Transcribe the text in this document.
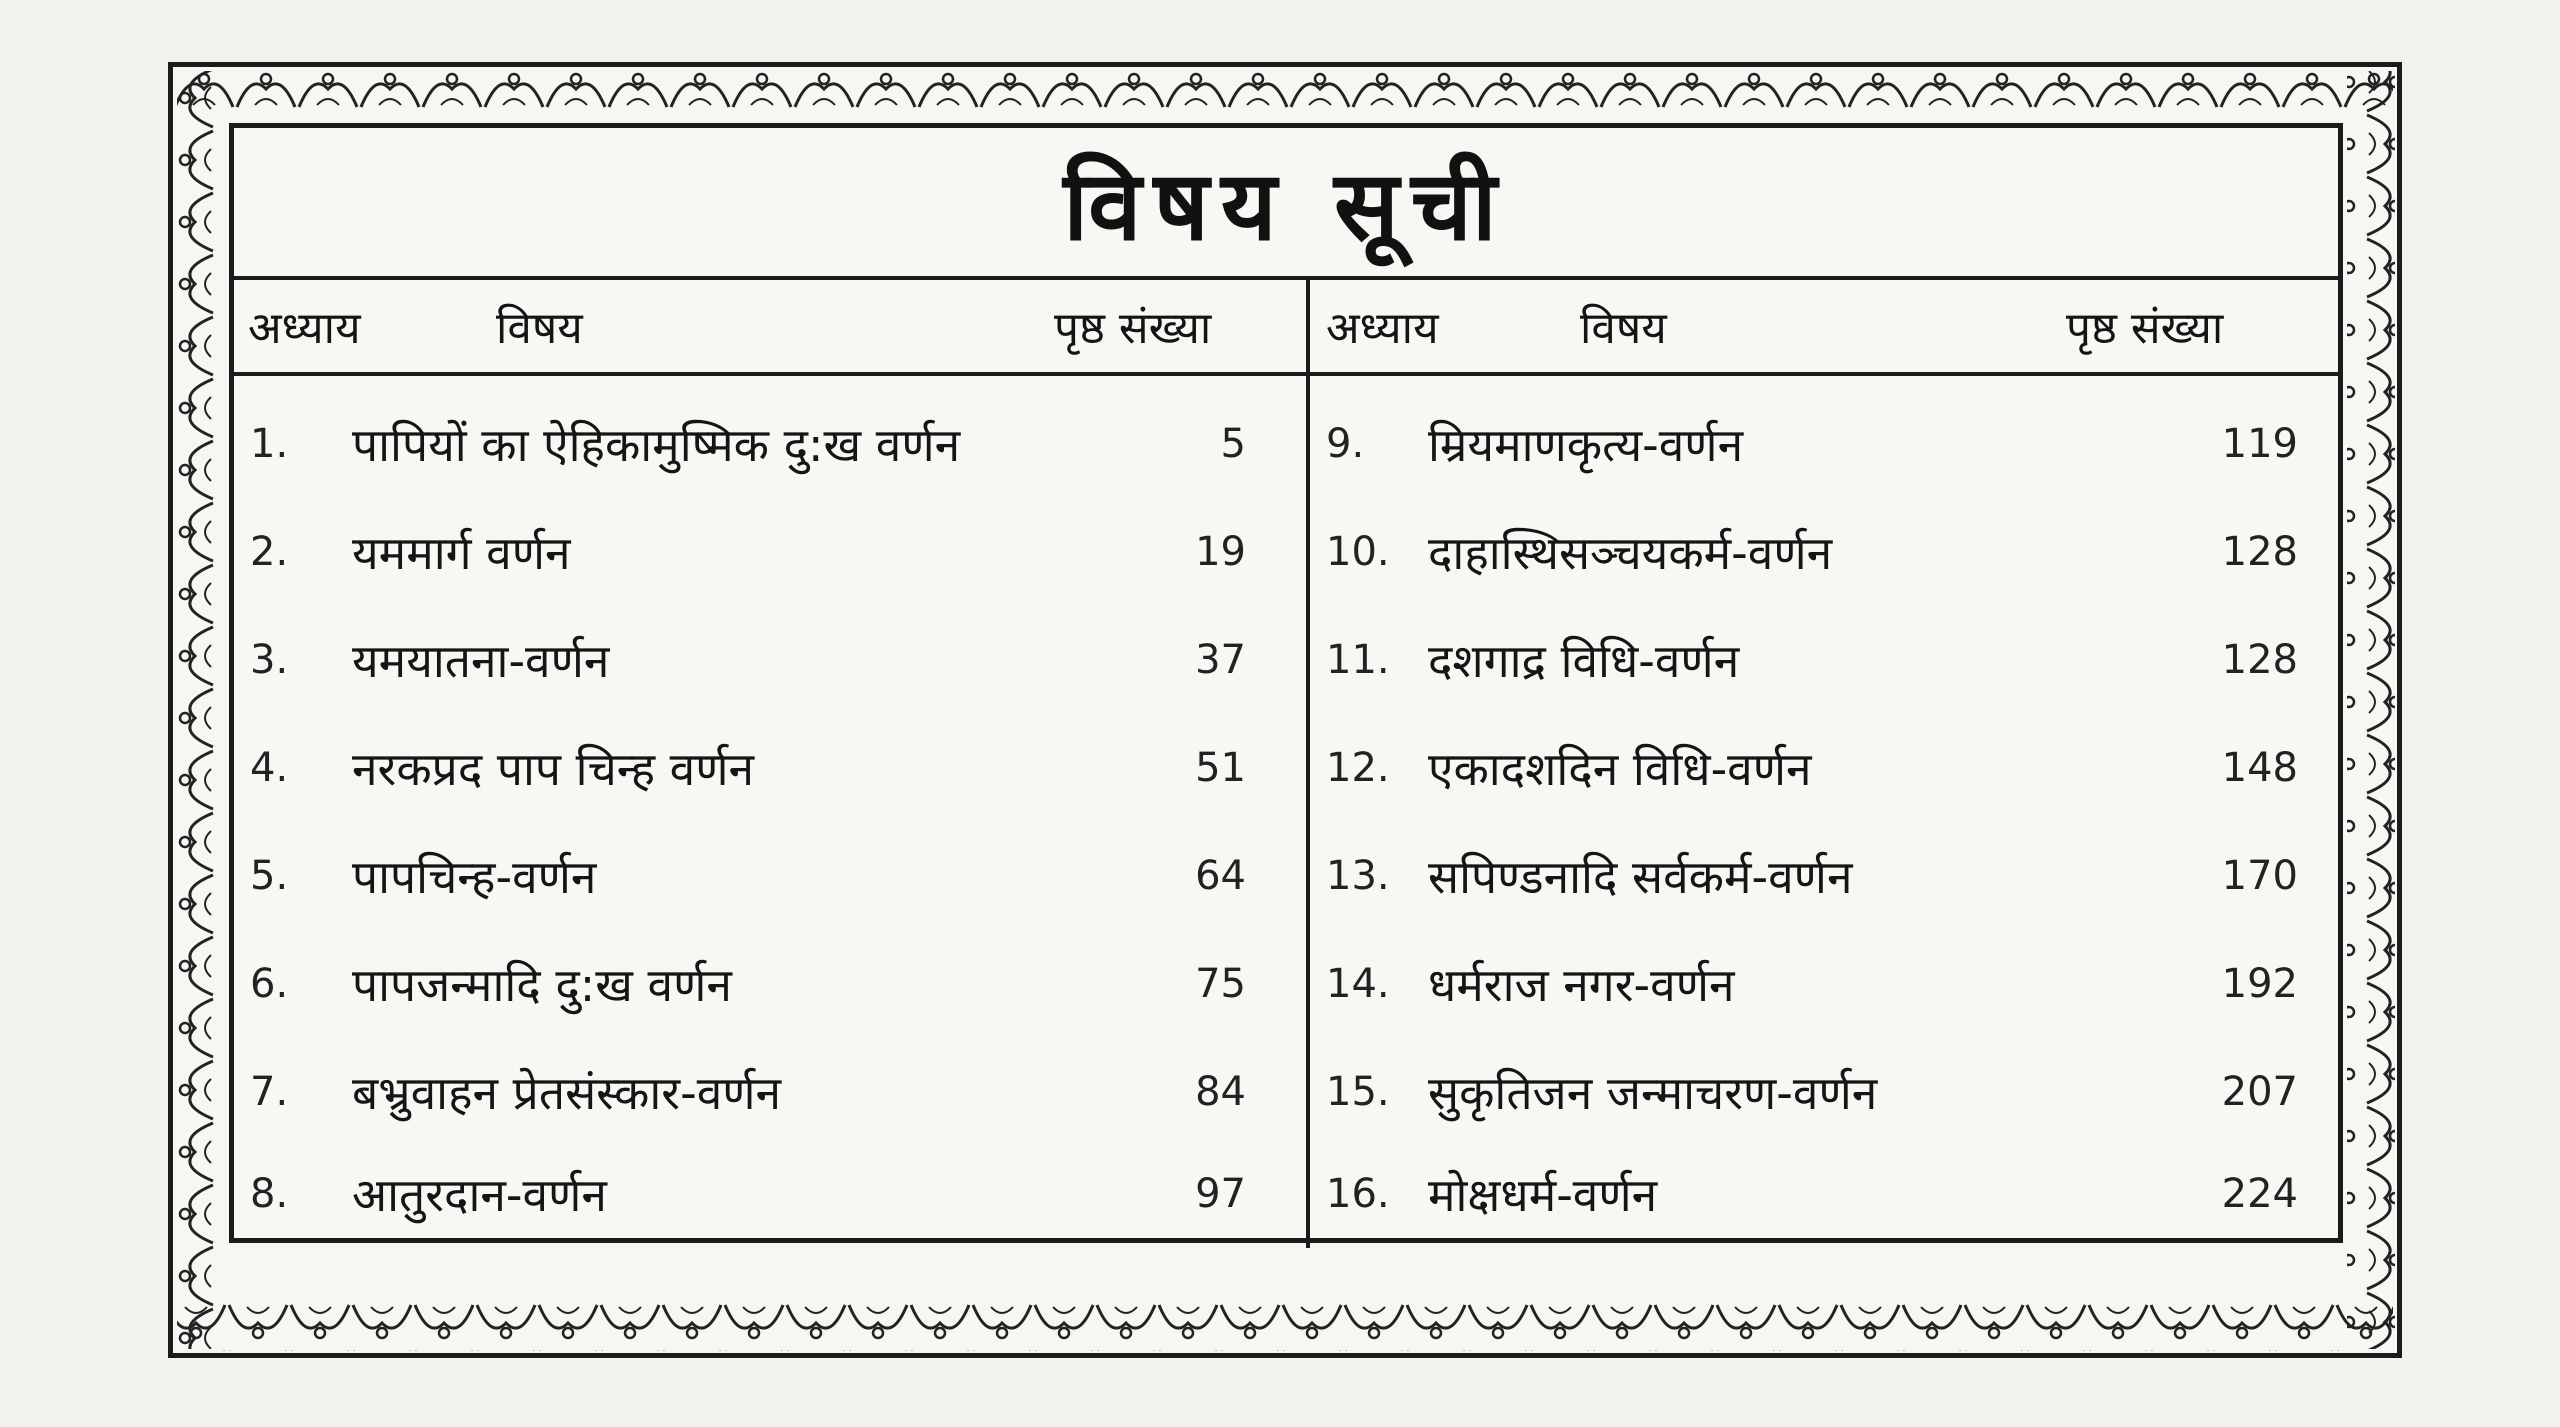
विषय सूची
अध्याय	विषय	पृष्ठ संख्या	अध्याय	विषय	पृष्ठ संख्या
1. पापियों का ऐहिकामुष्मिक दु:ख वर्णन	5
2. यममार्ग वर्णन	19
3. यमयातना-वर्णन	37
4. नरकप्रद पाप चिन्ह वर्णन	51
5. पापचिन्ह-वर्णन	64
6. पापजन्मादि दु:ख वर्णन	75
7. बभ्रुवाहन प्रेतसंस्कार-वर्णन	84
8. आतुरदान-वर्णन	97
9. म्रियमाणकृत्य-वर्णन	119
10. दाहास्थिसञ्चयकर्म-वर्णन	128
11. दशगाद्र विधि-वर्णन	128
12. एकादशदिन विधि-वर्णन	148
13. सपिण्डनादि सर्वकर्म-वर्णन	170
14. धर्मराज नगर-वर्णन	192
15. सुकृतिजन जन्माचरण-वर्णन	207
16. मोक्षधर्म-वर्णन	224
